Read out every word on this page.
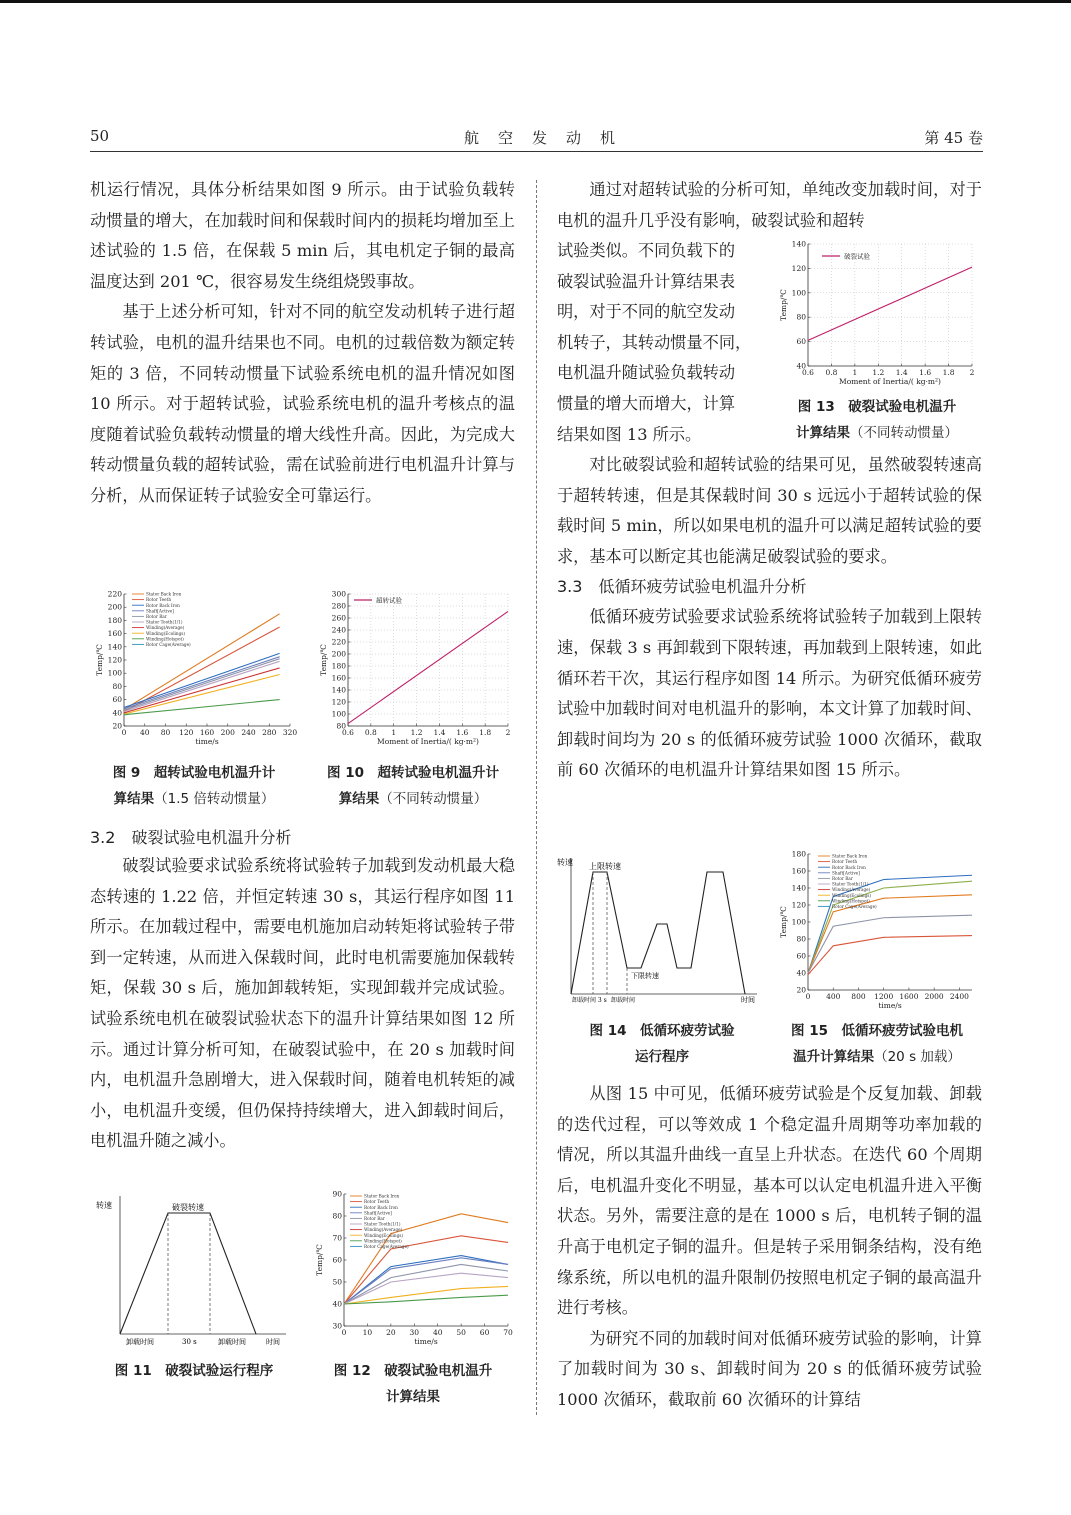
50	航　空　发　动　机	第 45 卷

机运行情况，具体分析结果如图 9 所示。由于试验负载转动惯量的增大，在加载时间和保载时间内的损耗均增加至上述试验的 1.5 倍，在保载 5 min 后，其电机定子铜的最高温度达到 201 ℃，很容易发生绕组烧毁事故。

基于上述分析可知，针对不同的航空发动机转子进行超转试验，电机的温升结果也不同。电机的过载倍数为额定转矩的 3 倍，不同转动惯量下试验系统电机的温升情况如图 10 所示。对于超转试验，试验系统电机的温升考核点的温度随着试验负载转动惯量的增大线性升高。因此，为完成大转动惯量负载的超转试验，需在试验前进行电机温升计算与分析，从而保证转子试验安全可靠运行。

0 40 80 120 160 200 240 280 320
20
40
60
80
100
120
140
160
180
200
220
time/s
Temp/℃
Stator Back Iron
Rotor Teeth
Rotor Back Iron
Shaft[Active]
Rotor Bar
Stator Tooth(1/1)
Winding(Average)
Winding(Ecolings)
Winding(Hotspot)
Rotor Cage(Average)
0.6 0.8 1 1.2 1.4 1.6 1.8 2
80
100
120
140
160
180
200
220
240
260
280
300
Moment of Inertia/( kg·m²)
Temp/℃
超转试验
图 9　超转试验电机温升计
算结果（1.5 倍转动惯量）
图 10　超转试验电机温升计
算结果（不同转动惯量）
3.2　破裂试验电机温升分析

破裂试验要求试验系统将试验转子加载到发动机最大稳态转速的 1.22 倍，并恒定转速 30 s，其运行程序如图 11 所示。在加载过程中，需要电机施加启动转矩将试验转子带到一定转速，从而进入保载时间，此时电机需要施加保载转矩，保载 30 s 后，施加卸载转矩，实现卸载并完成试验。试验系统电机在破裂试验状态下的温升计算结果如图 12 所示。通过计算分析可知，在破裂试验中，在 20 s 加载时间内，电机温升急剧增大，进入保载时间，随着电机转矩的减小，电机温升变缓，但仍保持持续增大，进入卸载时间后，电机温升随之减小。

转速	破裂转速
卸载时间	30 s	卸载时间	时间
0 10 20 30 40 50 60 70
30
40
50
60
70
80
90
time/s
Temp/℃
Stator Back Iron
Rotor Teeth
Rotor Back Iron
Shaft[Active]
Rotor Bar
Stator Tooth(1/1)
Winding(Average)
Winding(Ecolings)
Winding(Hotspot)
Rotor Cage(Average)
图 11　破裂试验运行程序	图 12　破裂试验电机温升
计算结果

通过对超转试验的分析可知，单纯改变加载时间，对于电机的温升几乎没有影响，破裂试验和超转

试验类似。不同负载下的

破裂试验温升计算结果表

明，对于不同的航空发动

机转子，其转动惯量不同，

电机温升随试验负载转动

惯量的增大而增大，计算

结果如图 13 所示。

0.6 0.8 1 1.2 1.4 1.6 1.8 2
40
60
80
100
120
140
Moment of Inertia/( kg·m²)
Temp/℃
破裂试验
图 13　破裂试验电机温升
计算结果（不同转动惯量）

对比破裂试验和超转试验的结果可见，虽然破裂转速高于超转转速，但是其保载时间 30 s 远远小于超转试验的保载时间 5 min，所以如果电机的温升可以满足超转试验的要求，基本可以断定其也能满足破裂试验的要求。

3.3　低循环疲劳试验电机温升分析

低循环疲劳试验要求试验系统将试验转子加载到上限转速，保载 3 s 再卸载到下限转速，再加载到上限转速，如此循环若干次，其运行程序如图 14 所示。为研究低循环疲劳试验中加载时间对电机温升的影响，本文计算了加载时间、卸载时间均为 20 s 的低循环疲劳试验 1000 次循环，截取前 60 次循环的电机温升计算结果如图 15 所示。

转速 上限转速
下限转速
卸载时间 3 s 卸载时间	时间	0 400 800 1200 1600 2000 2400
20
40
60
80
100
120
140
160
180
time/s
Temp/℃
Stator Back Iron
Rotor Teeth
Rotor Back Iron
Shaft[Active]
Rotor Bar
Stator Tooth(1/1)
Winding(Average)
Winding(Ecolings)
Winding(Hotspot)
Rotor Cage(Average)
图 14　低循环疲劳试验
运行程序
图 15　低循环疲劳试验电机
温升计算结果（20 s 加载）

从图 15 中可见，低循环疲劳试验是个反复加载、卸载的迭代过程，可以等效成 1 个稳定温升周期等功率加载的情况，所以其温升曲线一直呈上升状态。在迭代 60 个周期后，电机温升变化不明显，基本可以认定电机温升进入平衡状态。另外，需要注意的是在 1000 s 后，电机转子铜的温升高于电机定子铜的温升。但是转子采用铜条结构，没有绝缘系统，所以电机的温升限制仍按照电机定子铜的最高温升进行考核。

为研究不同的加载时间对低循环疲劳试验的影响，计算了加载时间为 30 s、卸载时间为 20 s 的低循环疲劳试验 1000 次循环，截取前 60 次循环的计算结
